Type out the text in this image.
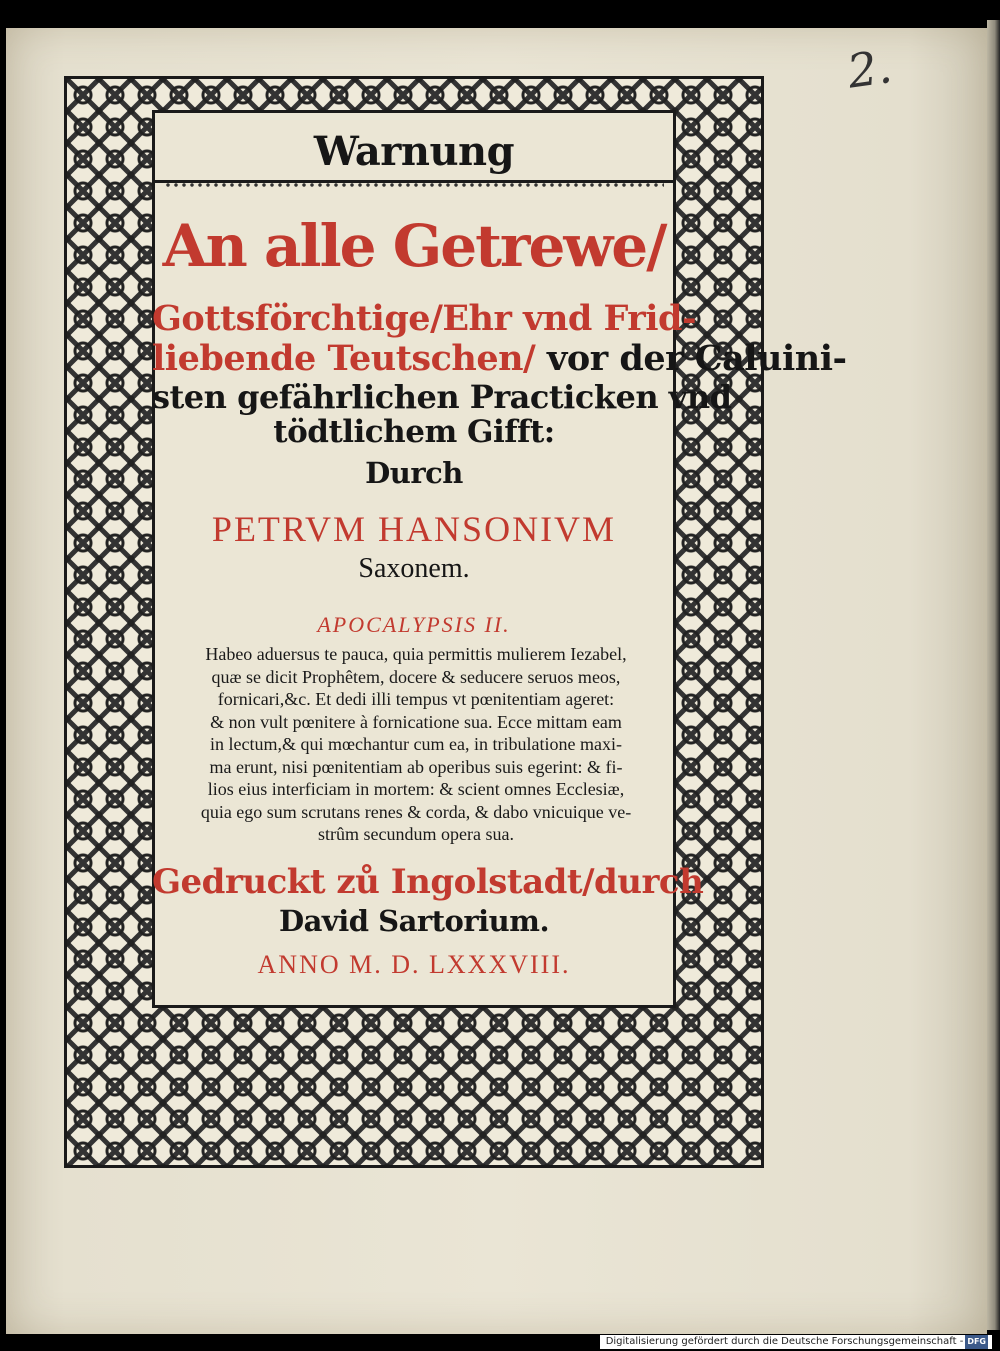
2.
Warnung
An alle Getrewe/
Gottsförchtige/Ehr vnd Frid-
liebende Teutschen/ vor der Caluini-
sten gefährlichen Practicken vnd
tödtlichem Gifft:
Durch
PETRVM HANSONIVM
Saxonem.
APOCALYPSIS II.
Habeo aduersus te pauca, quia permittis mulierem Iezabel,
quæ se dicit Prophêtem, docere & seducere seruos meos,
fornicari,&c. Et dedi illi tempus vt pœnitentiam ageret:
& non vult pœnitere à fornicatione sua. Ecce mittam eam
in lectum,& qui mœchantur cum ea, in tribulatione maxi-
ma erunt, nisi pœnitentiam ab operibus suis egerint: & fi-
lios eius interficiam in mortem: & scient omnes Ecclesiæ,
quia ego sum scrutans renes & corda, & dabo vnicuique ve-
strûm secundum opera sua.
Gedruckt zů Ingolstadt/durch
David Sartorium.
ANNO M. D. LXXXVIII.
Digitalisierung gefördert durch die Deutsche Forschungsgemeinschaft - DFG
